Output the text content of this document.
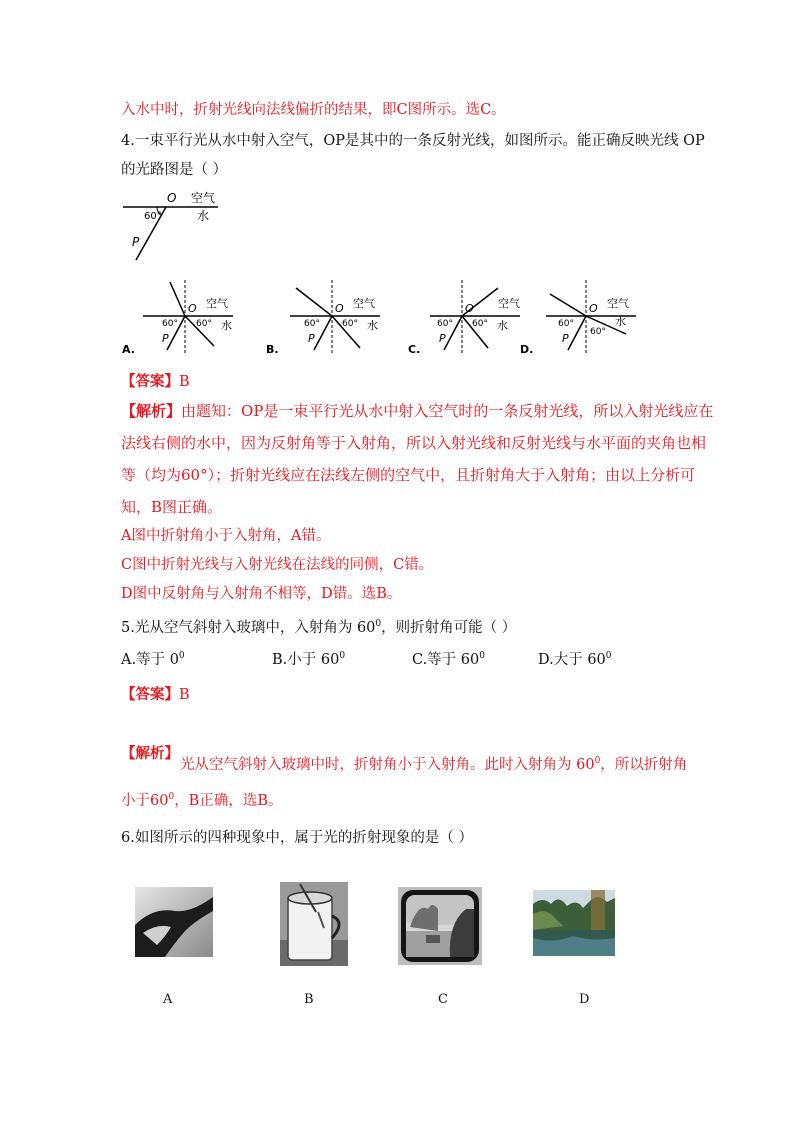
入水中时，折射光线向法线偏折的结果，即C图所示。选C。
4.一束平行光从水中射入空气，OP是其中的一条反射光线，如图所示。能正确反映光线 OP
的光路图是（ ）
O 空气
60°	水
P
O 空气
60° 60° 水
P
A.
O 空气
60° 60° 水
P
B.
O 空气
60° 60° 水
P
C.
O 空气
60°
60°
水
P
D.
【答案】B
【解析】由题知：OP是一束平行光从水中射入空气时的一条反射光线，所以入射光线应在
法线右侧的水中，因为反射角等于入射角，所以入射光线和反射光线与水平面的夹角也相
等（均为60°）；折射光线应在法线左侧的空气中，且折射角大于入射角；由以上分析可
知，B图正确。
A图中折射角小于入射角，A错。
C图中折射光线与入射光线在法线的同侧，C错。
D图中反射角与入射角不相等，D错。选B。
5.光从空气斜射入玻璃中，入射角为 $60^0$，则折射角可能（ ）
A.等于 $0^0$	B.小于 $60^0$	C.等于 $60^0$	D.大于 $60^0$
【答案】B
【解析】
光从空气斜射入玻璃中时，折射角小于入射角。此时入射角为 $60^0$，所以折射角
小于$60^0$，B正确，选B。
6.如图所示的四种现象中，属于光的折射现象的是（ ）
A	B	C	D
